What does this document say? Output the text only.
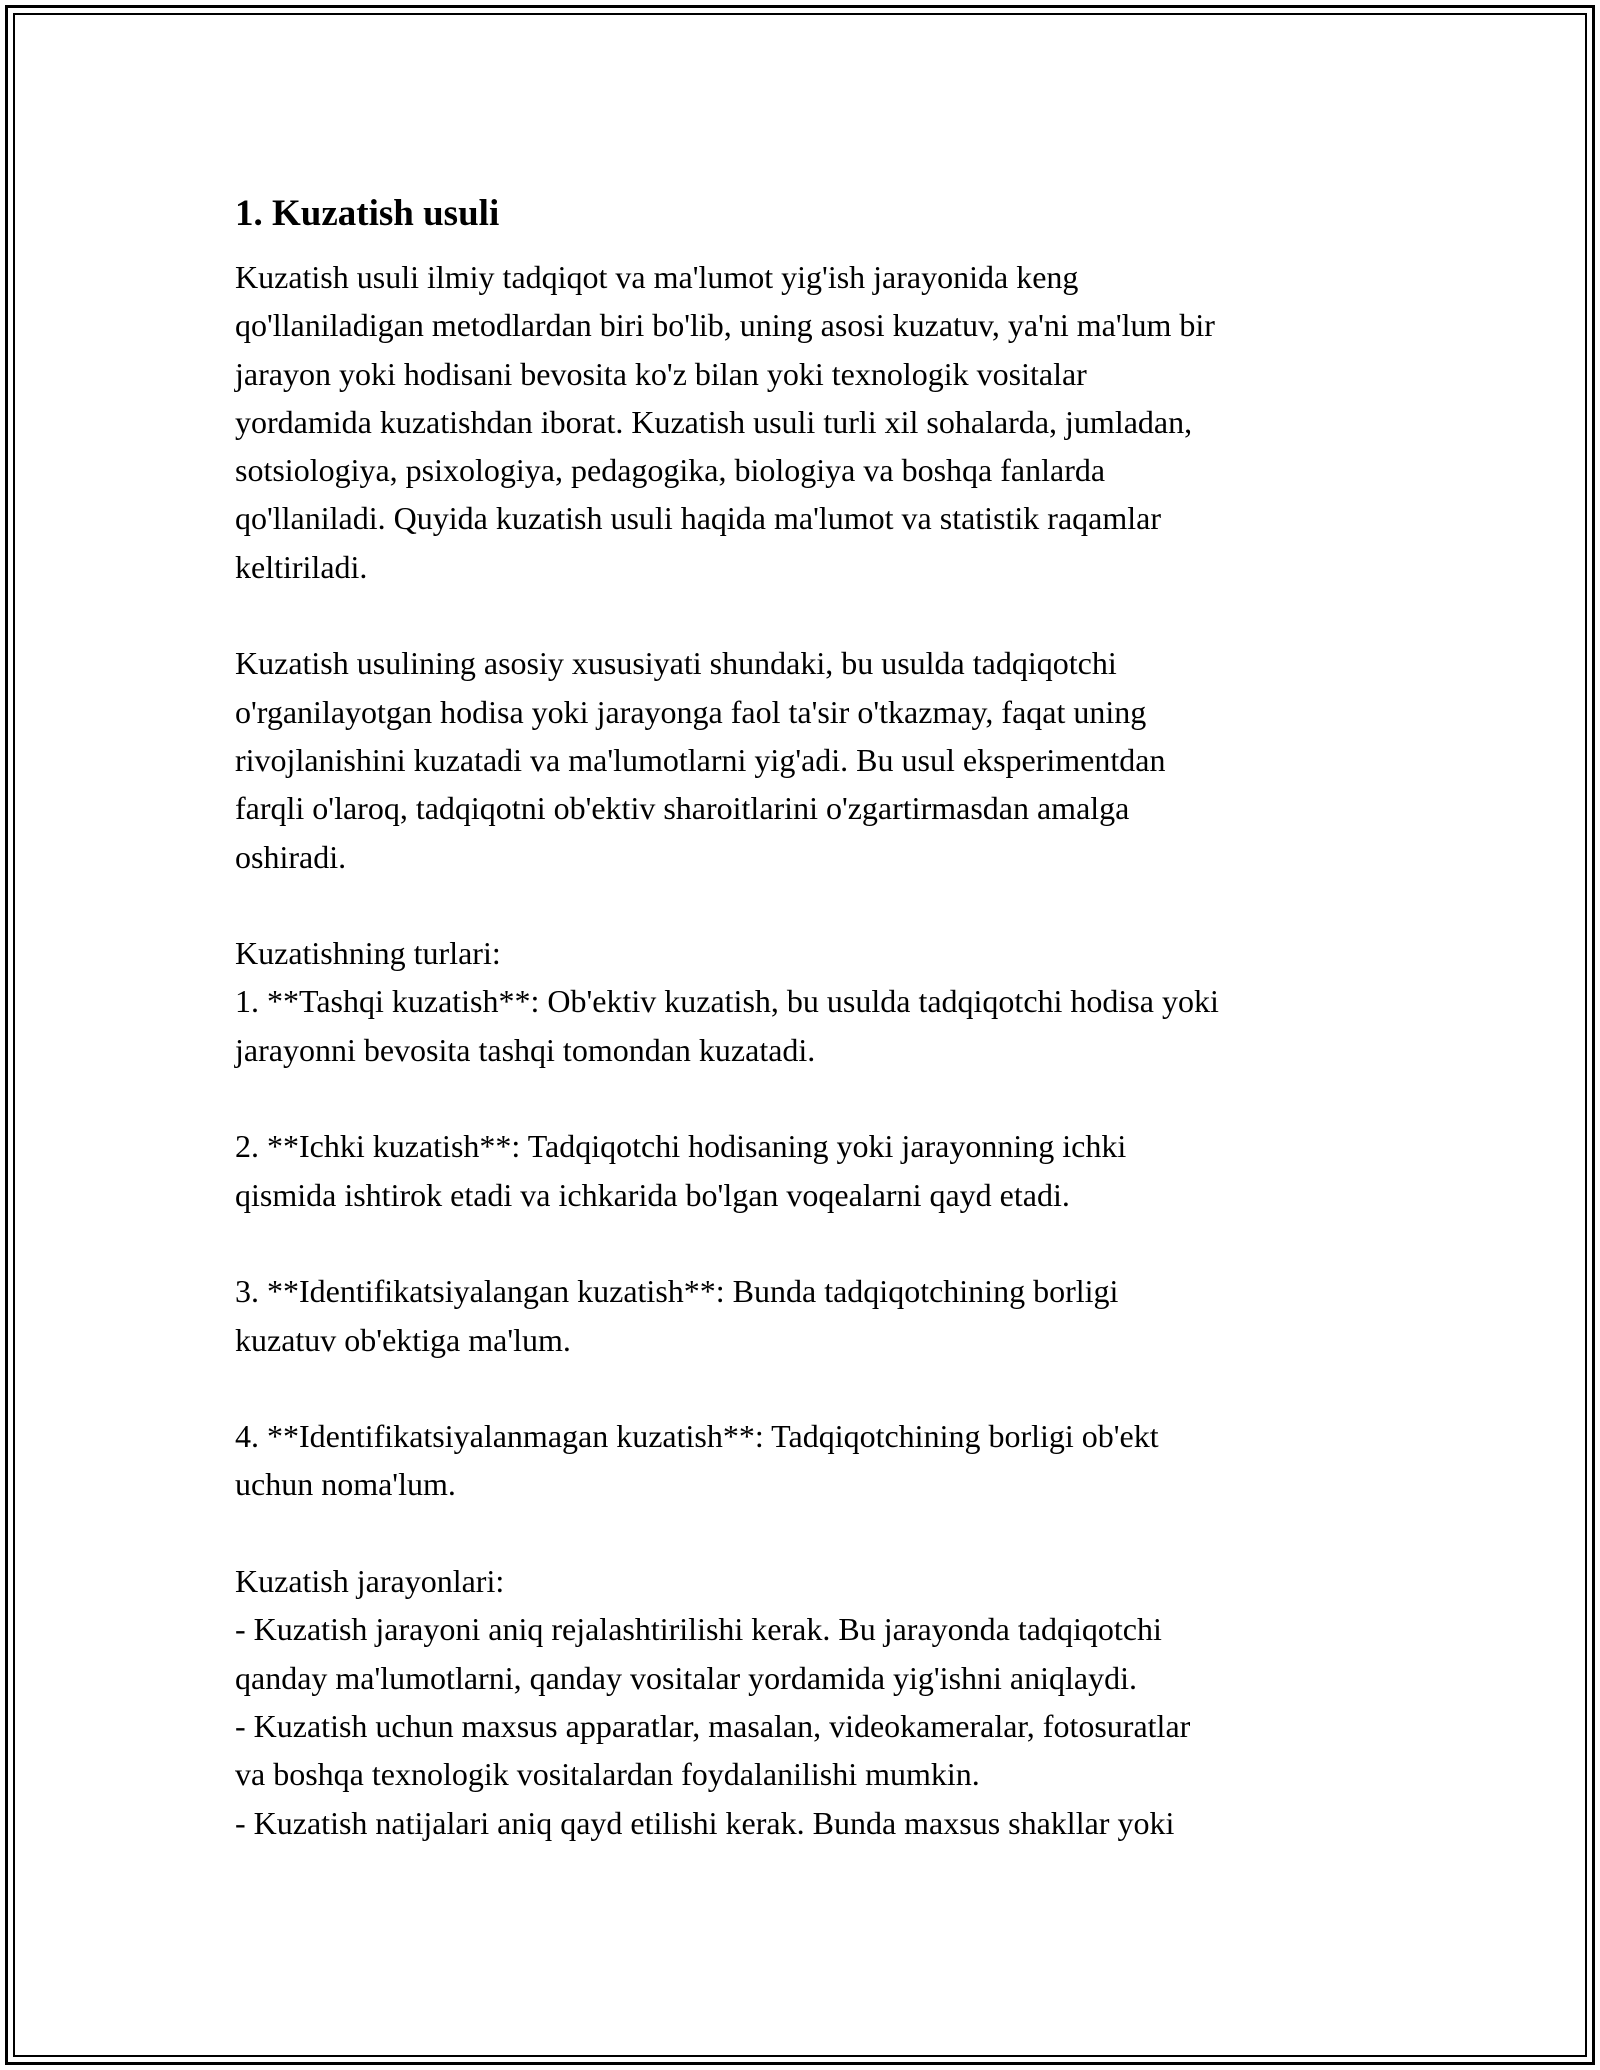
1. Kuzatish usuli

Kuzatish usuli ilmiy tadqiqot va ma'lumot yig'ish jarayonida keng
qo'llaniladigan metodlardan biri bo'lib, uning asosi kuzatuv, ya'ni ma'lum bir
jarayon yoki hodisani bevosita ko'z bilan yoki texnologik vositalar
yordamida kuzatishdan iborat. Kuzatish usuli turli xil sohalarda, jumladan,
sotsiologiya, psixologiya, pedagogika, biologiya va boshqa fanlarda
qo'llaniladi. Quyida kuzatish usuli haqida ma'lumot va statistik raqamlar
keltiriladi.

Kuzatish usulining asosiy xususiyati shundaki, bu usulda tadqiqotchi
o'rganilayotgan hodisa yoki jarayonga faol ta'sir o'tkazmay, faqat uning
rivojlanishini kuzatadi va ma'lumotlarni yig'adi. Bu usul eksperimentdan
farqli o'laroq, tadqiqotni ob'ektiv sharoitlarini o'zgartirmasdan amalga
oshiradi.

Kuzatishning turlari:
1. **Tashqi kuzatish**: Ob'ektiv kuzatish, bu usulda tadqiqotchi hodisa yoki
jarayonni bevosita tashqi tomondan kuzatadi.

2. **Ichki kuzatish**: Tadqiqotchi hodisaning yoki jarayonning ichki
qismida ishtirok etadi va ichkarida bo'lgan voqealarni qayd etadi.

3. **Identifikatsiyalangan kuzatish**: Bunda tadqiqotchining borligi
kuzatuv ob'ektiga ma'lum.

4. **Identifikatsiyalanmagan kuzatish**: Tadqiqotchining borligi ob'ekt
uchun noma'lum.

Kuzatish jarayonlari:
- Kuzatish jarayoni aniq rejalashtirilishi kerak. Bu jarayonda tadqiqotchi
qanday ma'lumotlarni, qanday vositalar yordamida yig'ishni aniqlaydi.
- Kuzatish uchun maxsus apparatlar, masalan, videokameralar, fotosuratlar
va boshqa texnologik vositalardan foydalanilishi mumkin.
- Kuzatish natijalari aniq qayd etilishi kerak. Bunda maxsus shakllar yoki
